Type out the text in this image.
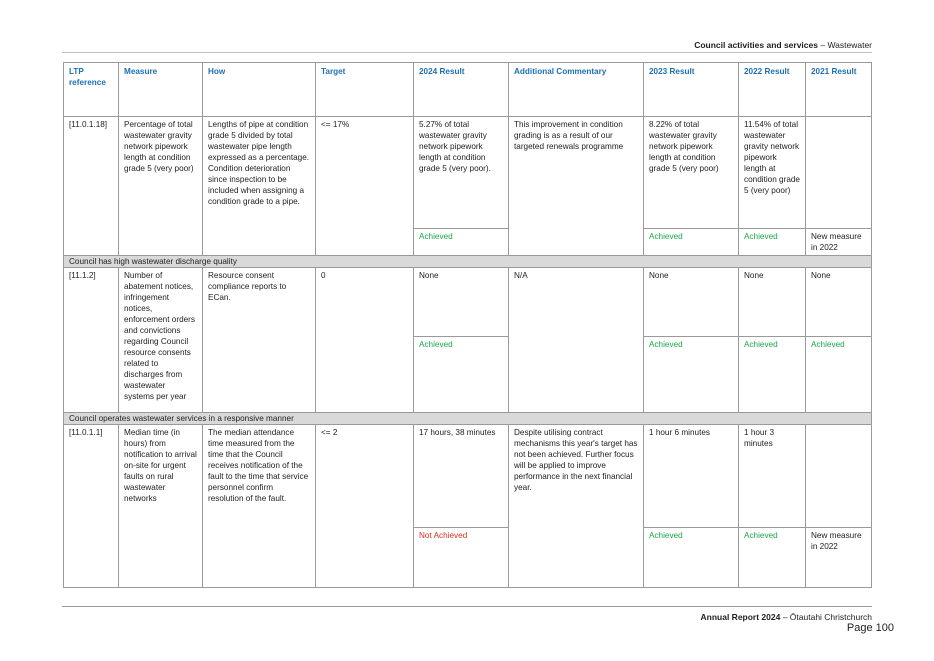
Council activities and services – Wastewater
LTP reference	Measure	How	Target	2024 Result	Additional Commentary	2023 Result	2022 Result	2021 Result
[11.0.1.18]	Percentage of total wastewater gravity network pipework length at condition grade 5 (very poor)	Lengths of pipe at condition grade 5 divided by total wastewater pipe length expressed as a percentage. Condition deterioration since inspection to be included when assigning a condition grade to a pipe.	<= 17%	5.27% of total wastewater gravity network pipework length at condition grade 5 (very poor).	This improvement in condition grading is as a result of our targeted renewals programme	8.22% of total wastewater gravity network pipework length at condition grade 5 (very poor)	11.54% of total wastewater gravity network pipework length at condition grade 5 (very poor)	
				Achieved		Achieved	Achieved	New measure in 2022
Council has high wastewater discharge quality								
[11.1.2]	Number of abatement notices, infringement notices, enforcement orders and convictions regarding Council resource consents related to discharges from wastewater systems per year	Resource consent compliance reports to ECan.	0	None	N/A	None	None	None
				Achieved		Achieved	Achieved	Achieved
Council operates wastewater services in a responsive manner								
[11.0.1.1]	Median time (in hours) from notification to arrival on-site for urgent faults on rural wastewater networks	The median attendance time measured from the time that the Council receives notification of the fault to the time that service personnel confirm resolution of the fault.	<= 2	17 hours, 38 minutes	Despite utilising contract mechanisms this year's target has not been achieved. Further focus will be applied to improve performance in the next financial year.	1 hour 6 minutes	1 hour 3 minutes	
				Not Achieved		Achieved	Achieved	New measure in 2022
Annual Report 2024 – Ōtautahi Christchurch
Page 100
